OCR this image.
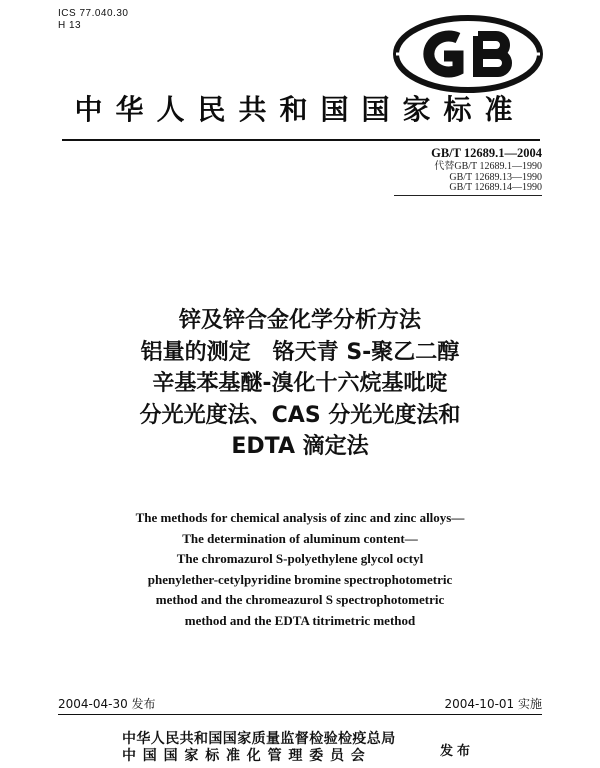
ICS 77.040.30
H 13
中华人民共和国国家标准
GB/T 12689.1—2004
代替GB/T 12689.1—1990
GB/T 12689.13—1990
GB/T 12689.14—1990
锌及锌合金化学分析方法
铝量的测定　铬天青 S-聚乙二醇
辛基苯基醚-溴化十六烷基吡啶
分光光度法、CAS 分光光度法和
EDTA 滴定法
The methods for chemical analysis of zinc and zinc alloys—
The determination of aluminum content—
The chromazurol S-polyethylene glycol octyl
phenylether-cetylpyridine bromine spectrophotometric
method and the chromeazurol S spectrophotometric
method and the EDTA titrimetric method
2004-04-30 发布	2004-10-01 实施
中华人民共和国国家质量监督检验检疫总局
中国国家标准化管理委员会	发布
